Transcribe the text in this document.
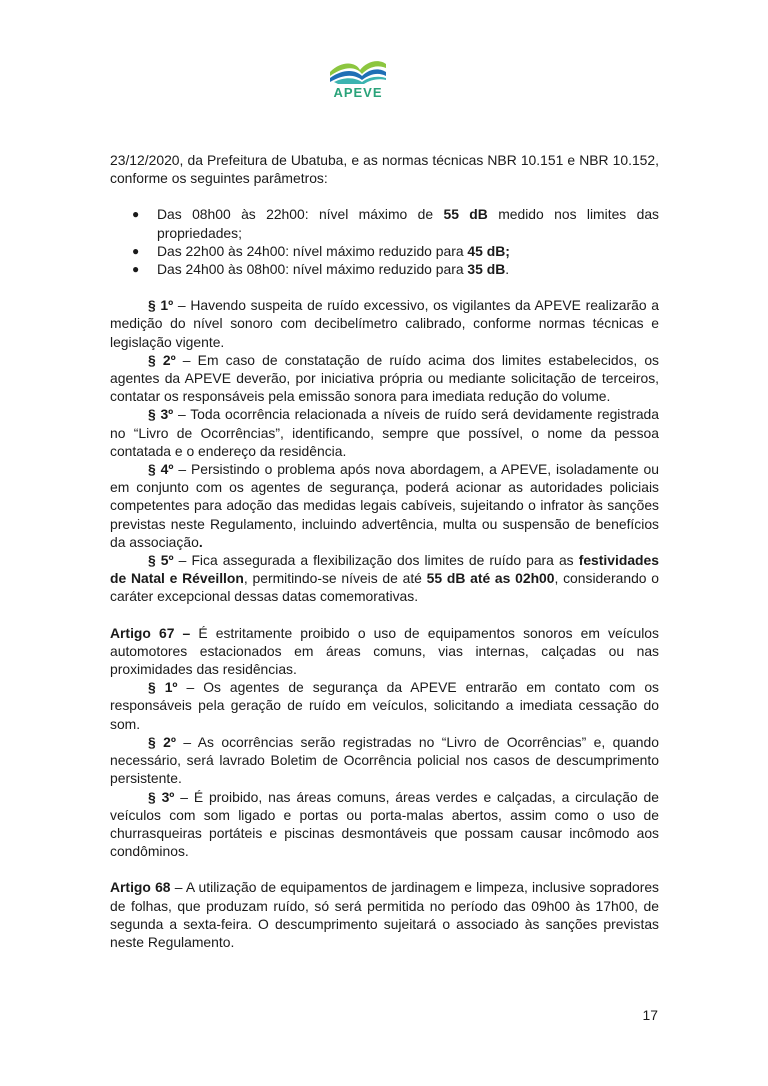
APEVE

23/12/2020, da Prefeitura de Ubatuba, e as normas técnicas NBR 10.151 e NBR 10.152, conforme os seguintes parâmetros:

● Das 08h00 às 22h00: nível máximo de 55 dB medido nos limites das propriedades;
● Das 22h00 às 24h00: nível máximo reduzido para 45 dB;
● Das 24h00 às 08h00: nível máximo reduzido para 35 dB.

§ 1º – Havendo suspeita de ruído excessivo, os vigilantes da APEVE realizarão a medição do nível sonoro com decibelímetro calibrado, conforme normas técnicas e legislação vigente.

§ 2º – Em caso de constatação de ruído acima dos limites estabelecidos, os agentes da APEVE deverão, por iniciativa própria ou mediante solicitação de terceiros, contatar os responsáveis pela emissão sonora para imediata redução do volume.

§ 3º – Toda ocorrência relacionada a níveis de ruído será devidamente registrada no “Livro de Ocorrências”, identificando, sempre que possível, o nome da pessoa contatada e o endereço da residência.

§ 4º – Persistindo o problema após nova abordagem, a APEVE, isoladamente ou em conjunto com os agentes de segurança, poderá acionar as autoridades policiais competentes para adoção das medidas legais cabíveis, sujeitando o infrator às sanções previstas neste Regulamento, incluindo advertência, multa ou suspensão de benefícios da associação.

§ 5º – Fica assegurada a flexibilização dos limites de ruído para as festividades de Natal e Réveillon, permitindo-se níveis de até 55 dB até as 02h00, considerando o caráter excepcional dessas datas comemorativas.

Artigo 67 – É estritamente proibido o uso de equipamentos sonoros em veículos automotores estacionados em áreas comuns, vias internas, calçadas ou nas proximidades das residências.

§ 1º – Os agentes de segurança da APEVE entrarão em contato com os responsáveis pela geração de ruído em veículos, solicitando a imediata cessação do som.

§ 2º – As ocorrências serão registradas no “Livro de Ocorrências” e, quando necessário, será lavrado Boletim de Ocorrência policial nos casos de descumprimento persistente.

§ 3º – É proibido, nas áreas comuns, áreas verdes e calçadas, a circulação de veículos com som ligado e portas ou porta-malas abertos, assim como o uso de churrasqueiras portáteis e piscinas desmontáveis que possam causar incômodo aos condôminos.

Artigo 68 – A utilização de equipamentos de jardinagem e limpeza, inclusive sopradores de folhas, que produzam ruído, só será permitida no período das 09h00 às 17h00, de segunda a sexta-feira. O descumprimento sujeitará o associado às sanções previstas neste Regulamento.

17
